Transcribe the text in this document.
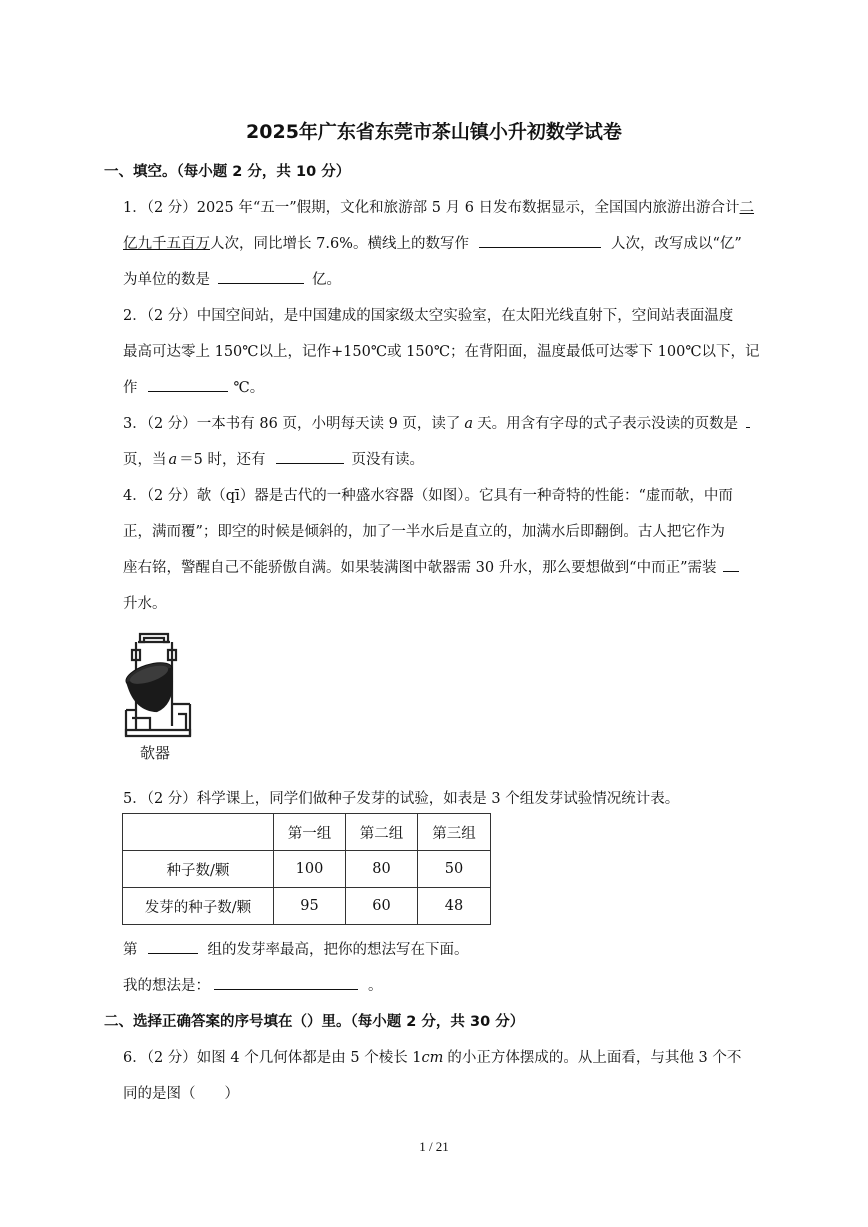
2025年广东省东莞市茶山镇小升初数学试卷
一、填空。（每小题 2 分，共 10 分）
1．（2 分）2025 年“五一”假期，文化和旅游部 5 月 6 日发布数据显示，全国国内旅游出游合计二
亿九千五百万人次，同比增长 7.6%。横线上的数写作	人次，改写成以“亿”
为单位的数是	亿。
2．（2 分）中国空间站，是中国建成的国家级太空实验室，在太阳光线直射下，空间站表面温度
最高可达零上 150℃以上，记作+150℃或 150℃；在背阳面，温度最低可达零下 100℃以下，记
作	℃。
3．（2 分）一本书有 86 页，小明每天读 9 页，读了 a 天。用含有字母的式子表示没读的页数是
页，当 a ＝5 时，还有	页没有读。
4．（2 分）欹（qī）器是古代的一种盛水容器（如图）。它具有一种奇特的性能：“虚而欹，中而
正，满而覆”；即空的时候是倾斜的，加了一半水后是直立的，加满水后即翻倒。古人把它作为
座右铭，警醒自己不能骄傲自满。如果装满图中欹器需 30 升水，那么要想做到“中而正”需装
升水。
欹器
5．（2 分）科学课上，同学们做种子发芽的试验，如表是 3 个组发芽试验情况统计表。
	第一组	第二组	第三组
种子数/颗	100	80	50
发芽的种子数/颗	95	60	48
第	组的发芽率最高，把你的想法写在下面。
我的想法是：	。
二、选择正确答案的序号填在（）里。（每小题 2 分，共 30 分）
6．（2 分）如图 4 个几何体都是由 5 个棱长 1cm 的小正方体摆成的。从上面看，与其他 3 个不
同的是图（　　）
1 / 21
